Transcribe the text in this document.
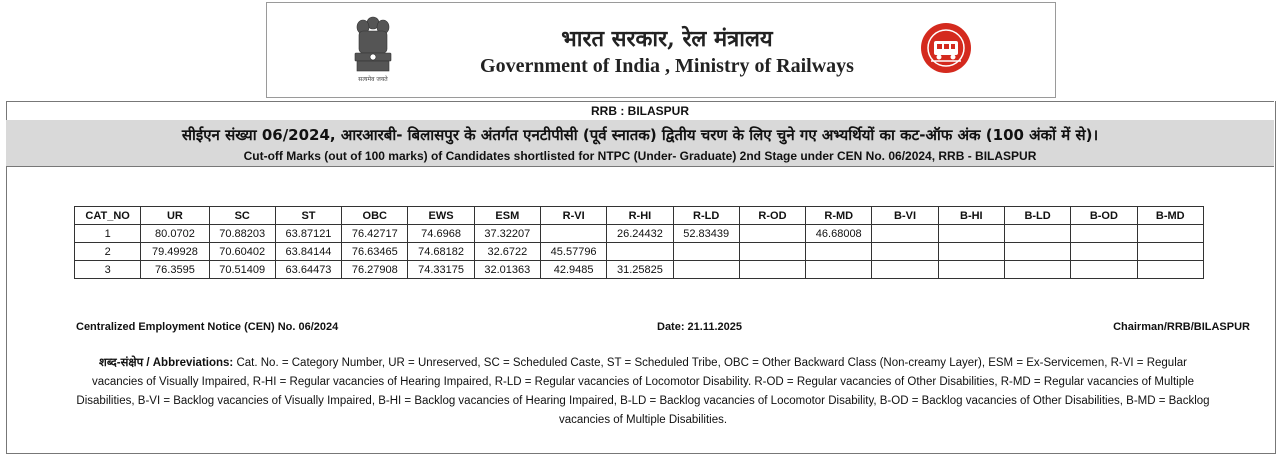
सत्यमेव जयते
भारत सरकार, रेल मंत्रालय
Government of India , Ministry of Railways
RRB : BILASPUR
सीईएन संख्या 06/2024, आरआरबी- बिलासपुर के अंतर्गत एनटीपीसी (पूर्व स्नातक) द्वितीय चरण के लिए चुने गए अभ्यर्थियों का कट-ऑफ अंक (100 अंकों में से)।
Cut-off Marks (out of 100 marks) of Candidates shortlisted for NTPC (Under- Graduate) 2nd Stage under CEN No. 06/2024, RRB - BILASPUR
CAT_NO	UR	SC	ST	OBC	EWS	ESM	R-VI	R-HI	R-LD	R-OD	R-MD	B-VI	B-HI	B-LD	B-OD	B-MD
1	80.0702	70.88203	63.87121	76.42717	74.6968	37.32207		26.24432	52.83439		46.68008					
2	79.49928	70.60402	63.84144	76.63465	74.68182	32.6722	45.57796									
3	76.3595	70.51409	63.64473	76.27908	74.33175	32.01363	42.9485	31.25825								
Centralized Employment Notice (CEN) No. 06/2024	Date: 21.11.2025	Chairman/RRB/BILASPUR
शब्द-संक्षेप / Abbreviations: Cat. No. = Category Number, UR = Unreserved, SC = Scheduled Caste, ST = Scheduled Tribe, OBC = Other Backward Class (Non-creamy Layer), ESM = Ex-Servicemen, R-VI = Regular vacancies of Visually Impaired, R-HI = Regular vacancies of Hearing Impaired, R-LD = Regular vacancies of Locomotor Disability. R-OD = Regular vacancies of Other Disabilities, R-MD = Regular vacancies of Multiple Disabilities, B-VI = Backlog vacancies of Visually Impaired, B-HI = Backlog vacancies of Hearing Impaired, B-LD = Backlog vacancies of Locomotor Disability, B-OD = Backlog vacancies of Other Disabilities, B-MD = Backlog vacancies of Multiple Disabilities.
